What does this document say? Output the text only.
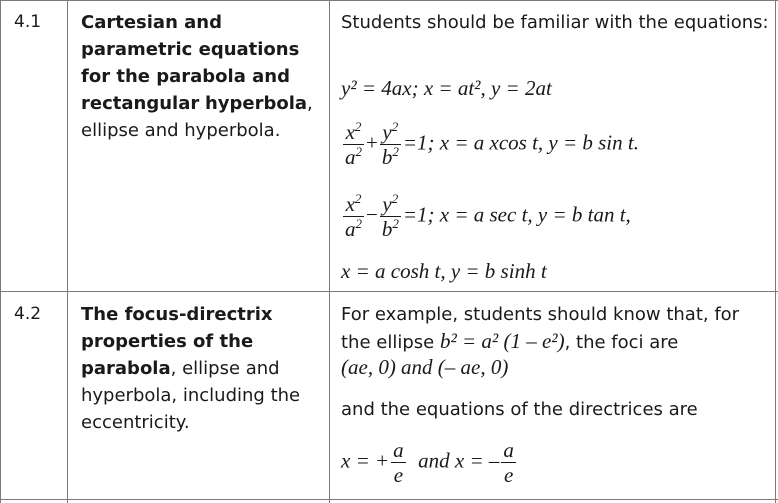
4.1 Cartesian and parametric equations for the parabola and rectangular hyperbola, ellipse and hyperbola.
Students should be familiar with the equations:
y² = 4ax; x = at², y = 2at
$\frac{x^2}{a^2} + \frac{y^2}{b^2} =1$; x = a xcos t, y = b sin t.
$\frac{x^2}{a^2} - \frac{y^2}{b^2} =1$; x = a sec t, y = b tan t,
x = a cosh t, y = b sinh t
4.2 The focus-directrix properties of the parabola, ellipse and hyperbola, including the eccentricity.
For example, students should know that, for
the ellipse b² = a² (1 – e²), the foci are
(ae, 0) and (– ae, 0)
and the equations of the directrices are
x = + $\frac{a}{e}$ and x = – $\frac{a}{e}$
